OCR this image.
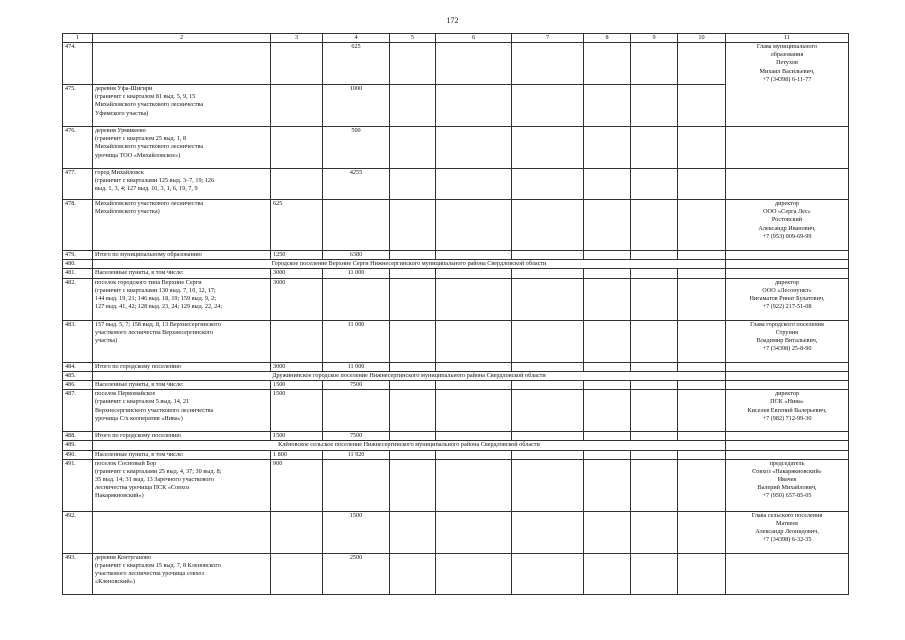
172
1	2	3	4	5	6	7	8	9	10	11
474.			625							Глава муниципального
образования
Петухов
Михаил Васильевич,
+7 (34398) 6-11-77
475.	деревня Уфа-Шигири
(граничит с кварталом 81 выд. 5, 9, 15
Михайловского участкового лесничества
Уфимского участка)		1000							
476.	деревня Урмикеево
(граничит с кварталом 25 выд. 1, 8
Михайловского участкового лесничества
урочища ТОО «Михайловское»)		500							
477.	город Михайловск
(граничит с кварталами 125 выд. 3–7, 19; 126
выд. 1, 3, 4; 127 выд. 10, 3, 1, 6, 19, 7, 9		4255							
478.	Михайловского участкового лесничества
Михайловского участка)	625								директор
ООО «Серга Лес»
Ростовский
Александр Иванович,
+7 (953) 009-69-99
479.	Итого по муниципальному образованию	1250	6380							
480.	Городское поселение Верхние Серги Нижнесергинского муниципального района Свердловской области									
481.	Населенные пункты, в том числе:	3000	11 000							
482.	поселок городского типа Верхние Серги
(граничит с кварталами 130 выд. 7, 10, 12, 17;
144 выд. 19, 21; 146 выд. 18, 19; 159 выд. 9, 2;
127 выд. 41, 42; 128 выд. 23, 24; 129 выд. 22, 24;	3000								директор
ООО «Лесопункт»
Нигаматов Ринат Булатович,
+7 (922) 217-51-08
483.	157 выд. 5, 7; 158 выд. 8, 13 Верхнесергинского
участкового лесничества Верхнесергинского
участка)		11 000							Глава городского поселения
Струнин
Владимир Витальевич,
+7 (34398) 25-8-90
484.	Итого по городскому поселению	3000	11 000							
485.	Дружининское городское поселение Нижнесергинского муниципального района Свердловской области									
486.	Населенные пункты, в том числе:	1500	7500							
487.	поселок Первомайское
(граничит с кварталом 5 выд. 14, 21
Верхнесергинского участкового лесничества
урочища С/х кооператив «Нива»)	1500								директор
ПСК «Нива»
Киселев Евгений Валерьевич,
+7 (982) 712-99-30
488.	Итого по городскому поселению	1500	7500							
489.	Клёновское сельское поселение Нижнесергинского муниципального района Свердловской области									
490.	Населенные пункты, в том числе:	1 800	11 920							
491.	поселок Сосновый Бор
(граничит с кварталами 25 выд. 4, 37; 30 выд. 8;
35 выд. 14; 31 выд. 13 Заречного участкового
лесничества урочища ПСК «Совхоз
Накарякновский»)	900								председатель
Совхоз «Накарякновский»
Ивачев
Валерий Михайлович,
+7 (950) 657-85-05
492.			1500							Глава сельского поселения
Матвеев
Александр Леонидович,
+7 (34398) 6-32-35
493.	деревня Контуганово
(граничит с кварталом 15 выд. 7, 8 Кленовского
участкового лесничества урочища совхоз
«Кленовский»)		2500							
